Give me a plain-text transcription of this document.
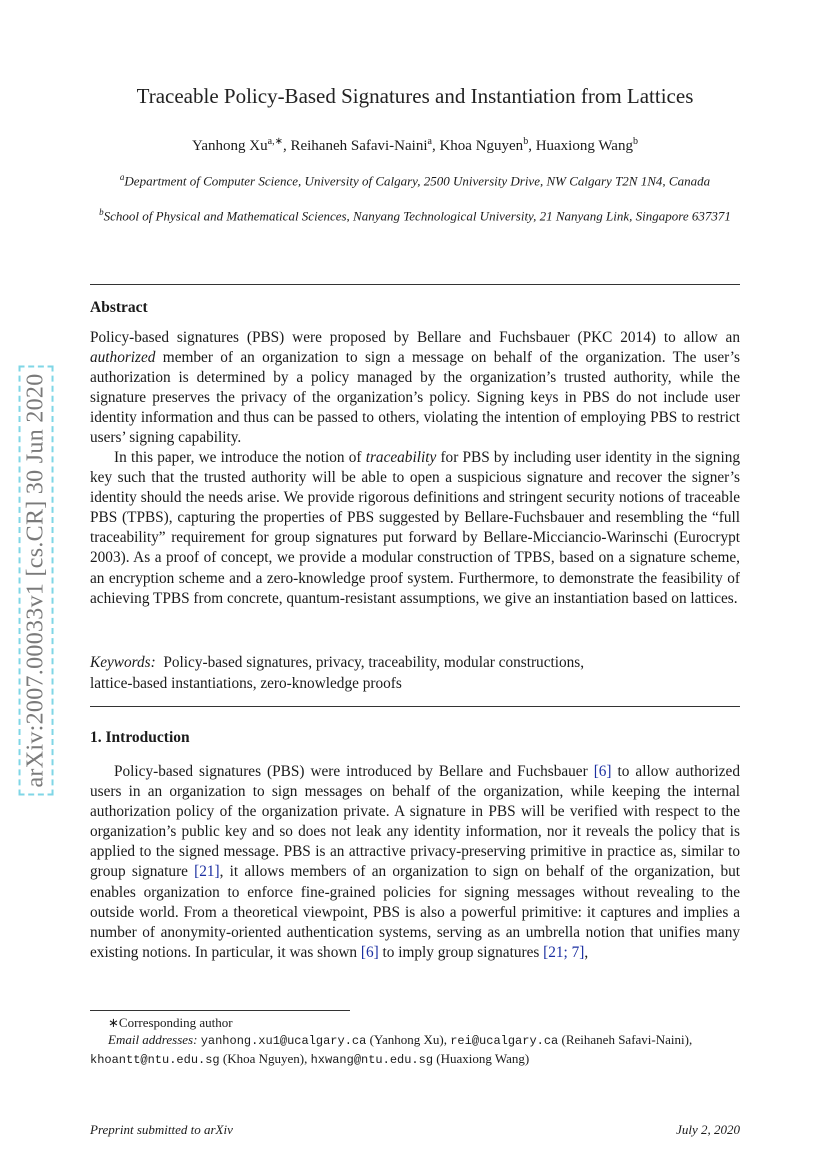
arXiv:2007.00033v1 [cs.CR] 30 Jun 2020
Traceable Policy-Based Signatures and Instantiation from Lattices
Yanhong $Xu^{a,∗}$, Reihaneh Safavi-Naini$^a$, Khoa Nguyen$^b$, Huaxiong Wang$^b$
$^a$Department of Computer Science, University of Calgary, 2500 University Drive, NW Calgary T2N 1N4, Canada
$^b$School of Physical and Mathematical Sciences, Nanyang Technological University, 21 Nanyang Link, Singapore 637371
Abstract
Policy-based signatures (PBS) were proposed by Bellare and Fuchsbauer (PKC 2014) to allow an authorized member of an organization to sign a message on behalf of the organization. The user’s authorization is determined by a policy managed by the organization’s trusted authority, while the signature preserves the privacy of the organization’s policy. Signing keys in PBS do not include user identity information and thus can be passed to others, violating the intention of employing PBS to restrict users’ signing capability.
In this paper, we introduce the notion of traceability for PBS by including user identity in the signing key such that the trusted authority will be able to open a suspicious signature and recover the signer’s identity should the needs arise. We provide rigorous definitions and stringent security notions of traceable PBS (TPBS), capturing the properties of PBS suggested by Bellare-Fuchsbauer and resembling the “full traceability” requirement for group signatures put forward by Bellare-Micciancio-Warinschi (Eurocrypt 2003). As a proof of concept, we provide a modular construction of TPBS, based on a signature scheme, an encryption scheme and a zero-knowledge proof system. Furthermore, to demonstrate the feasibility of achieving TPBS from concrete, quantum-resistant assumptions, we give an instantiation based on lattices.
Keywords: Policy-based signatures, privacy, traceability, modular constructions,
lattice-based instantiations, zero-knowledge proofs
1. Introduction
Policy-based signatures (PBS) were introduced by Bellare and Fuchsbauer [6] to allow authorized users in an organization to sign messages on behalf of the organization, while keeping the internal authorization policy of the organization private. A signature in PBS will be verified with respect to the organization’s public key and so does not leak any identity information, nor it reveals the policy that is applied to the signed message. PBS is an attractive privacy-preserving primitive in practice as, similar to group signature [21], it allows members of an organization to sign on behalf of the organization, but enables organization to enforce fine-grained policies for signing messages without revealing to the outside world. From a theoretical viewpoint, PBS is also a powerful primitive: it captures and implies a number of anonymity-oriented authentication systems, serving as an umbrella notion that unifies many existing notions. In particular, it was shown [6] to imply group signatures [21; 7],
∗Corresponding author
Email addresses: yanhong.xu1@ucalgary.ca (Yanhong Xu), rei@ucalgary.ca (Reihaneh Safavi-Naini), khoantt@ntu.edu.sg (Khoa Nguyen), hxwang@ntu.edu.sg (Huaxiong Wang)
Preprint submitted to arXiv	July 2, 2020
